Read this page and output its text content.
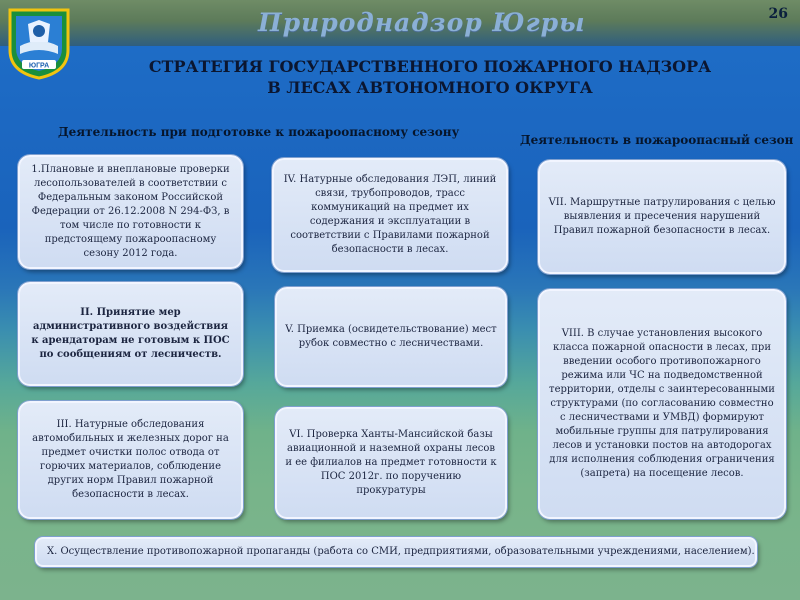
ЮГРА
Природнадзор Югры	26
СТРАТЕГИЯ ГОСУДАРСТВЕННОГО ПОЖАРНОГО НАДЗОРА
В ЛЕСАХ АВТОНОМНОГО ОКРУГА
Деятельность при подготовке к пожароопасному сезону
Деятельность в пожароопасный сезон
1.Плановые и внеплановые проверки лесопользователей в соответствии с Федеральным законом Российской Федерации от 26.12.2008 N 294-ФЗ, в том числе по готовности к предстоящему пожароопасному сезону 2012 года.
II. Принятие мер административного воздействия к арендаторам не готовым к ПОС по сообщениям от лесничеств.
III. Натурные обследования автомобильных и железных дорог на предмет очистки полос отвода от горючих материалов, соблюдение других норм Правил пожарной безопасности в лесах.
IV. Натурные обследования ЛЭП, линий связи, трубопроводов, трасс коммуникаций на предмет их содержания и эксплуатации в соответствии с Правилами пожарной безопасности в лесах.
V. Приемка (освидетельствование) мест рубок совместно с лесничествами.
VI. Проверка Ханты-Мансийской базы авиационной и наземной охраны лесов и ее филиалов на предмет готовности к ПОС 2012г. по поручению прокуратуры
VII. Маршрутные патрулирования с целью выявления и пресечения нарушений Правил пожарной безопасности в лесах.
VIII. В случае установления высокого класса пожарной опасности в лесах, при введении особого противопожарного режима или ЧС на подведомственной территории, отделы с заинтересованными структурами (по согласованию совместно с лесничествами и УМВД) формируют мобильные группы для патрулирования лесов и установки постов на автодорогах для исполнения соблюдения ограничения (запрета) на посещение лесов.
X. Осуществление противопожарной пропаганды (работа со СМИ, предприятиями, образовательными учреждениями, населением).
